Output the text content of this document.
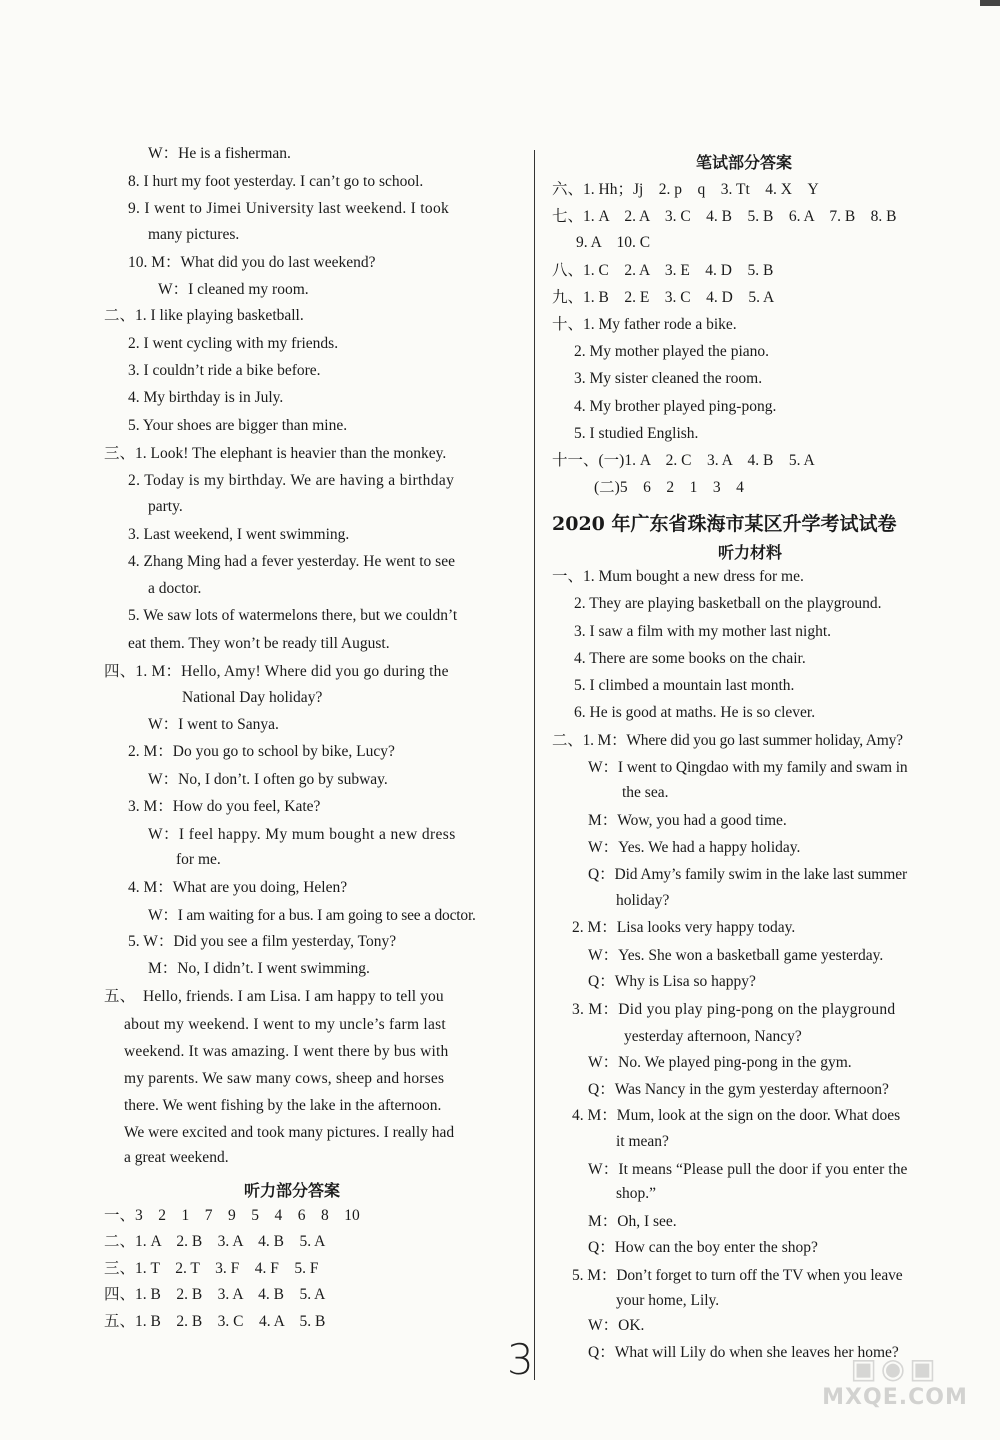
W：He is a fisherman.
8. I hurt my foot yesterday. I can’t go to school.
9. I went to Jimei University last weekend. I took
many pictures.
10. M：What did you do last weekend?
W：I cleaned my room.
二、1. I like playing basketball.
2. I went cycling with my friends.
3. I couldn’t ride a bike before.
4. My birthday is in July.
5. Your shoes are bigger than mine.
三、1. Look! The elephant is heavier than the monkey.
2. Today is my birthday. We are having a birthday
party.
3. Last weekend, I went swimming.
4. Zhang Ming had a fever yesterday. He went to see
a doctor.
5. We saw lots of watermelons there, but we couldn’t
eat them. They won’t be ready till August.
四、1. M：Hello, Amy! Where did you go during the
National Day holiday?
W：I went to Sanya.
2. M：Do you go to school by bike, Lucy?
W：No, I don’t. I often go by subway.
3. M：How do you feel, Kate?
W：I feel happy. My mum bought a new dress
for me.
4. M：What are you doing, Helen?
W：I am waiting for a bus. I am going to see a doctor.
5. W：Did you see a film yesterday, Tony?
M：No, I didn’t. I went swimming.
五、　Hello, friends. I am Lisa. I am happy to tell you
about my weekend. I went to my uncle’s farm last
weekend. It was amazing. I went there by bus with
my parents. We saw many cows, sheep and horses
there. We went fishing by the lake in the afternoon.
We were excited and took many pictures. I really had
a great weekend.
听力部分答案
一、3　2　1　7　9　5　4　6　8　10
二、1. A　2. B　3. A　4. B　5. A
三、1. T　2. T　3. F　4. F　5. F
四、1. B　2. B　3. A　4. B　5. A
五、1. B　2. B　3. C　4. A　5. B
笔试部分答案
六、1. Hh；Jj　2. p　q　3. Tt　4. X　Y
七、1. A　2. A　3. C　4. B　5. B　6. A　7. B　8. B
9. A　10. C
八、1. C　2. A　3. E　4. D　5. B
九、1. B　2. E　3. C　4. D　5. A
十、1. My father rode a bike.
2. My mother played the piano.
3. My sister cleaned the room.
4. My brother played ping-pong.
5. I studied English.
十一、(一)1. A　2. C　3. A　4. B　5. A
(二)5　6　2　1　3　4
2020 年广东省珠海市某区升学考试试卷
听力材料
一、1. Mum bought a new dress for me.
2. They are playing basketball on the playground.
3. I saw a film with my mother last night.
4. There are some books on the chair.
5. I climbed a mountain last month.
6. He is good at maths. He is so clever.
二、1. M：Where did you go last summer holiday, Amy?
W：I went to Qingdao with my family and swam in
the sea.
M：Wow, you had a good time.
W：Yes. We had a happy holiday.
Q：Did Amy’s family swim in the lake last summer
holiday?
2. M：Lisa looks very happy today.
W：Yes. She won a basketball game yesterday.
Q：Why is Lisa so happy?
3. M：Did you play ping-pong on the playground
yesterday afternoon, Nancy?
W：No. We played ping-pong in the gym.
Q：Was Nancy in the gym yesterday afternoon?
4. M：Mum, look at the sign on the door. What does
it mean?
W：It means “Please pull the door if you enter the
shop.”
M：Oh, I see.
Q：How can the boy enter the shop?
5. M：Don’t forget to turn off the TV when you leave
your home, Lily.
W：OK.
Q：What will Lily do when she leaves her home?
3	▣◉▣
MXQE.COM
